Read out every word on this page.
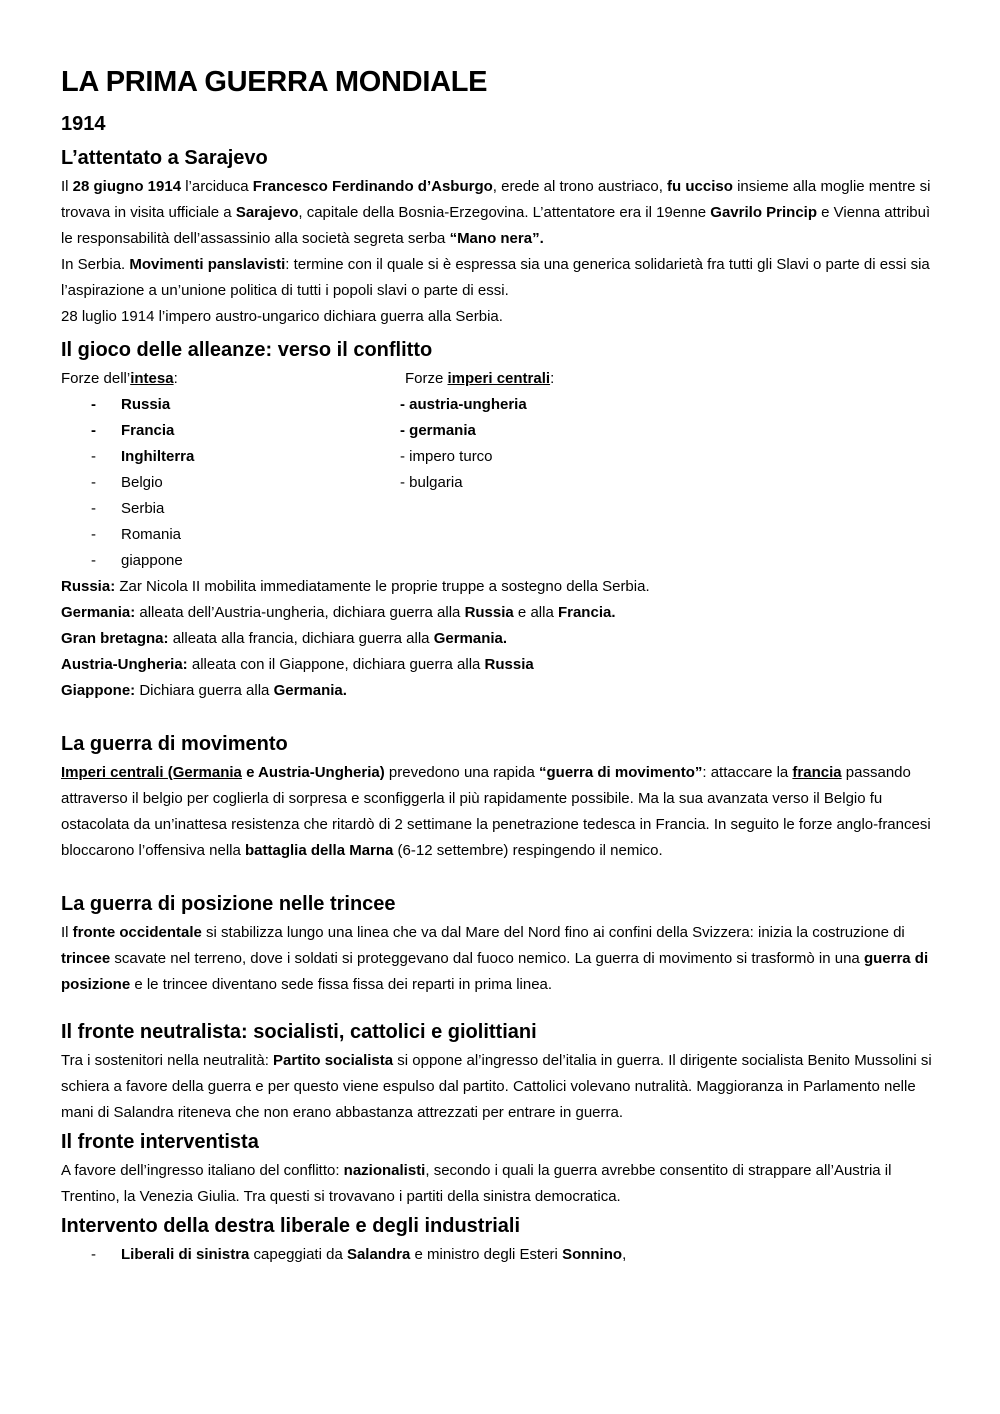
LA PRIMA GUERRA MONDIALE
1914
L’attentato a Sarajevo

Il 28 giugno 1914 l’arciduca Francesco Ferdinando d’Asburgo, erede al trono austriaco, fu ucciso insieme alla moglie mentre si trovava in visita ufficiale a Sarajevo, capitale della Bosnia-Erzegovina. L’attentatore era il 19enne Gavrilo Princip e Vienna attribuì le responsabilità dell’assassinio alla società segreta serba “Mano nera”.

In Serbia. Movimenti panslavisti: termine con il quale si è espressa sia una generica solidarietà fra tutti gli Slavi o parte di essi sia l’aspirazione a un’unione politica di tutti i popoli slavi o parte di essi.

28 luglio 1914 l’impero austro-ungarico dichiara guerra alla Serbia.

Il gioco delle alleanze: verso il conflitto
Forze dell’intesa:	Forze imperi centrali:
- Russia	- austria-ungheria
- Francia	- germania
- Inghilterra	- impero turco
- Belgio	- bulgaria
- Serbia
- Romania
- giappone

Russia: Zar Nicola II mobilita immediatamente le proprie truppe a sostegno della Serbia.

Germania: alleata dell’Austria-ungheria, dichiara guerra alla Russia e alla Francia.

Gran bretagna: alleata alla francia, dichiara guerra alla Germania.

Austria-Ungheria: alleata con il Giappone, dichiara guerra alla Russia

Giappone: Dichiara guerra alla Germania.

La guerra di movimento

Imperi centrali (Germania e Austria-Ungheria) prevedono una rapida “guerra di movimento”: attaccare la francia passando attraverso il belgio per coglierla di sorpresa e sconfiggerla il più rapidamente possibile. Ma la sua avanzata verso il Belgio fu ostacolata da un’inattesa resistenza che ritardò di 2 settimane la penetrazione tedesca in Francia. In seguito le forze anglo-francesi bloccarono l’offensiva nella battaglia della Marna (6-12 settembre) respingendo il nemico.

La guerra di posizione nelle trincee

Il fronte occidentale si stabilizza lungo una linea che va dal Mare del Nord fino ai confini della Svizzera: inizia la costruzione di trincee scavate nel terreno, dove i soldati si proteggevano dal fuoco nemico. La guerra di movimento si trasformò in una guerra di posizione e le trincee diventano sede fissa fissa dei reparti in prima linea.

Il fronte neutralista: socialisti, cattolici e giolittiani

Tra i sostenitori nella neutralità: Partito socialista si oppone al’ingresso del’italia in guerra. Il dirigente socialista Benito Mussolini si schiera a favore della guerra e per questo viene espulso dal partito. Cattolici volevano nutralità. Maggioranza in Parlamento nelle mani di Salandra riteneva che non erano abbastanza attrezzati per entrare in guerra.

Il fronte interventista

A favore dell’ingresso italiano del conflitto: nazionalisti, secondo i quali la guerra avrebbe consentito di strappare all’Austria il Trentino, la Venezia Giulia. Tra questi si trovavano i partiti della sinistra democratica.

Intervento della destra liberale e degli industriali
- Liberali di sinistra capeggiati da Salandra e ministro degli Esteri Sonnino,
